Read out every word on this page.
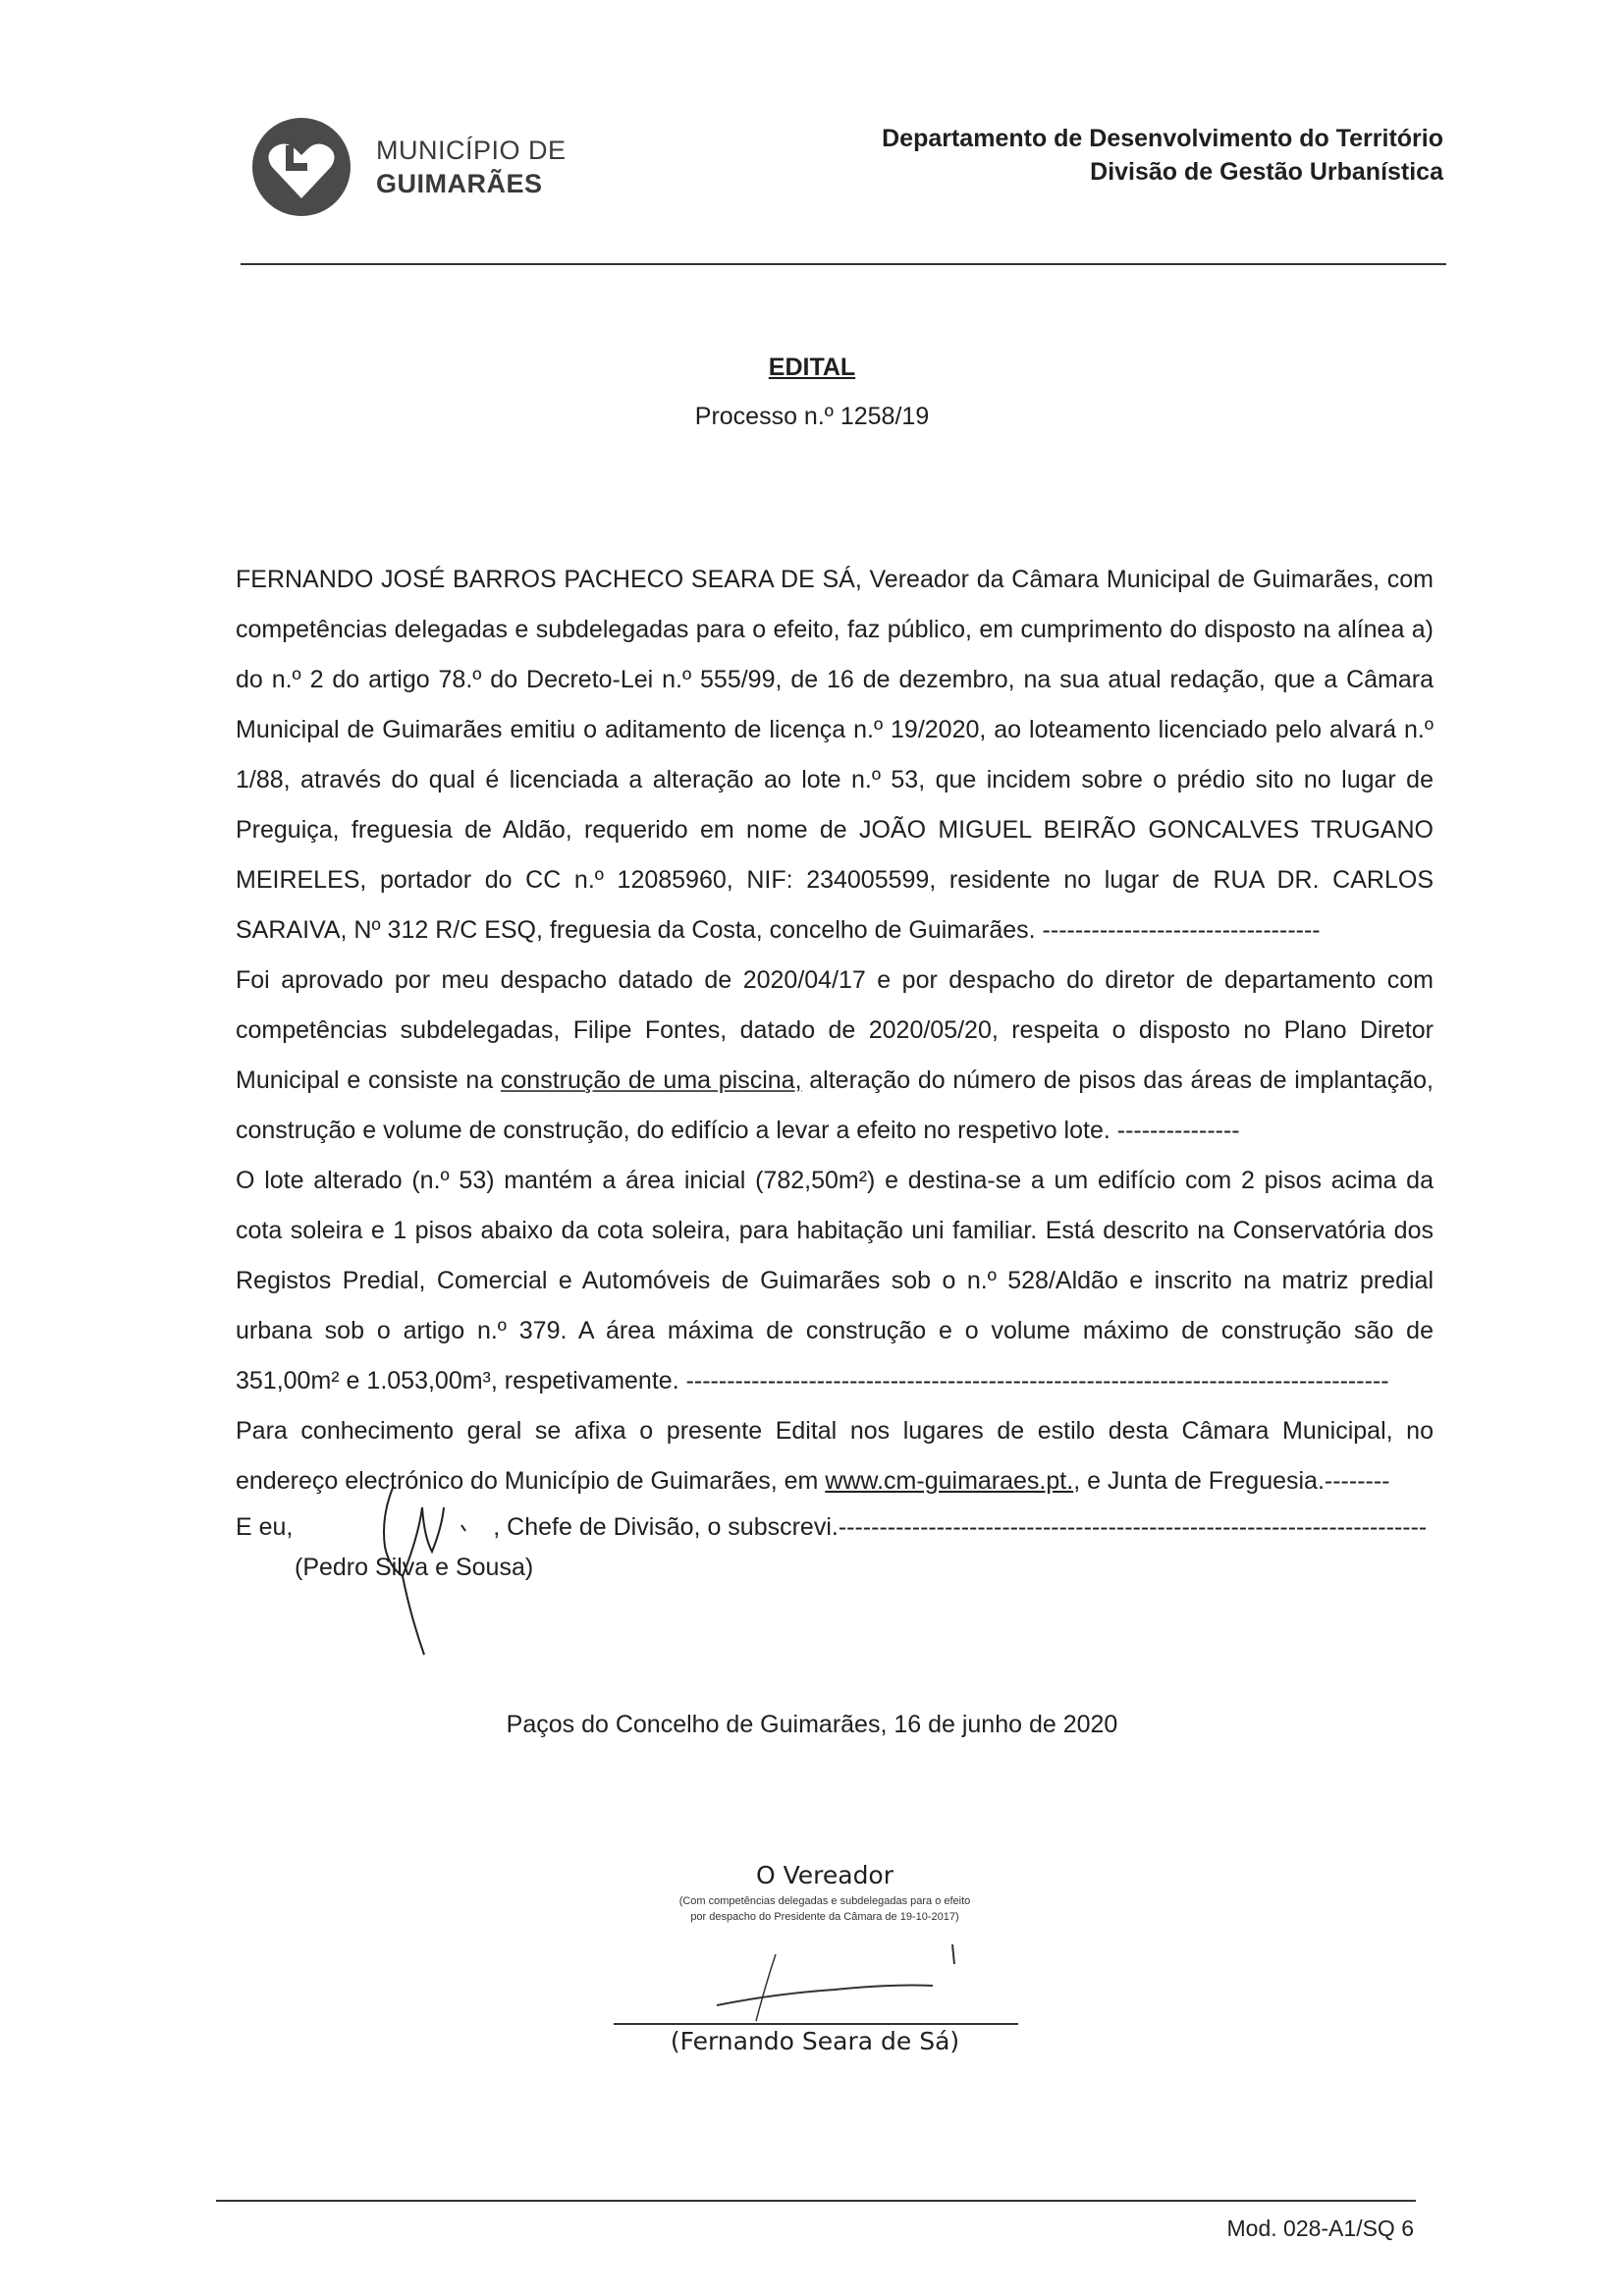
MUNICÍPIO DE
GUIMARÃES
Departamento de Desenvolvimento do Território
Divisão de Gestão Urbanística
EDITAL
Processo n.º 1258/19

FERNANDO JOSÉ BARROS PACHECO SEARA DE SÁ, Vereador da Câmara Municipal de Guimarães, com competências delegadas e subdelegadas para o efeito, faz público, em cumprimento do disposto na alínea a) do n.º 2 do artigo 78.º do Decreto-Lei n.º 555/99, de 16 de dezembro, na sua atual redação, que a Câmara Municipal de Guimarães emitiu o aditamento de licença n.º 19/2020, ao loteamento licenciado pelo alvará n.º 1/88, através do qual é licenciada a alteração ao lote n.º 53, que incidem sobre o prédio sito no lugar de Preguiça, freguesia de Aldão, requerido em nome de JOÃO MIGUEL BEIRÃO GONCALVES TRUGANO MEIRELES, portador do CC n.º 12085960, NIF: 234005599, residente no lugar de RUA DR. CARLOS SARAIVA, Nº 312 R/C ESQ, freguesia da Costa, concelho de Guimarães. ----------------------------------

Foi aprovado por meu despacho datado de 2020/04/17 e por despacho do diretor de departamento com competências subdelegadas, Filipe Fontes, datado de 2020/05/20, respeita o disposto no Plano Diretor Municipal e consiste na construção de uma piscina, alteração do número de pisos das áreas de implantação, construção e volume de construção, do edifício a levar a efeito no respetivo lote. ---------------

O lote alterado (n.º 53) mantém a área inicial (782,50m²) e destina-se a um edifício com 2 pisos acima da cota soleira e 1 pisos abaixo da cota soleira, para habitação uni familiar. Está descrito na Conservatória dos Registos Predial, Comercial e Automóveis de Guimarães sob o n.º 528/Aldão e inscrito na matriz predial urbana sob o artigo n.º 379. A área máxima de construção e o volume máximo de construção são de 351,00m² e 1.053,00m³, respetivamente. --------------------------------------------------------------------------------------

Para conhecimento geral se afixa o presente Edital nos lugares de estilo desta Câmara Municipal, no endereço electrónico do Município de Guimarães, em www.cm-guimaraes.pt., e Junta de Freguesia.--------

E eu,	, Chefe de Divisão, o subscrevi.------------------------------------------------------------------------
(Pedro Silva e Sousa)
Paços do Concelho de Guimarães, 16 de junho de 2020
O Vereador
(Com competências delegadas e subdelegadas para o efeito
por despacho do Presidente da Câmara de 19-10-2017)
(Fernando Seara de Sá)
Mod. 028-A1/SQ 6
